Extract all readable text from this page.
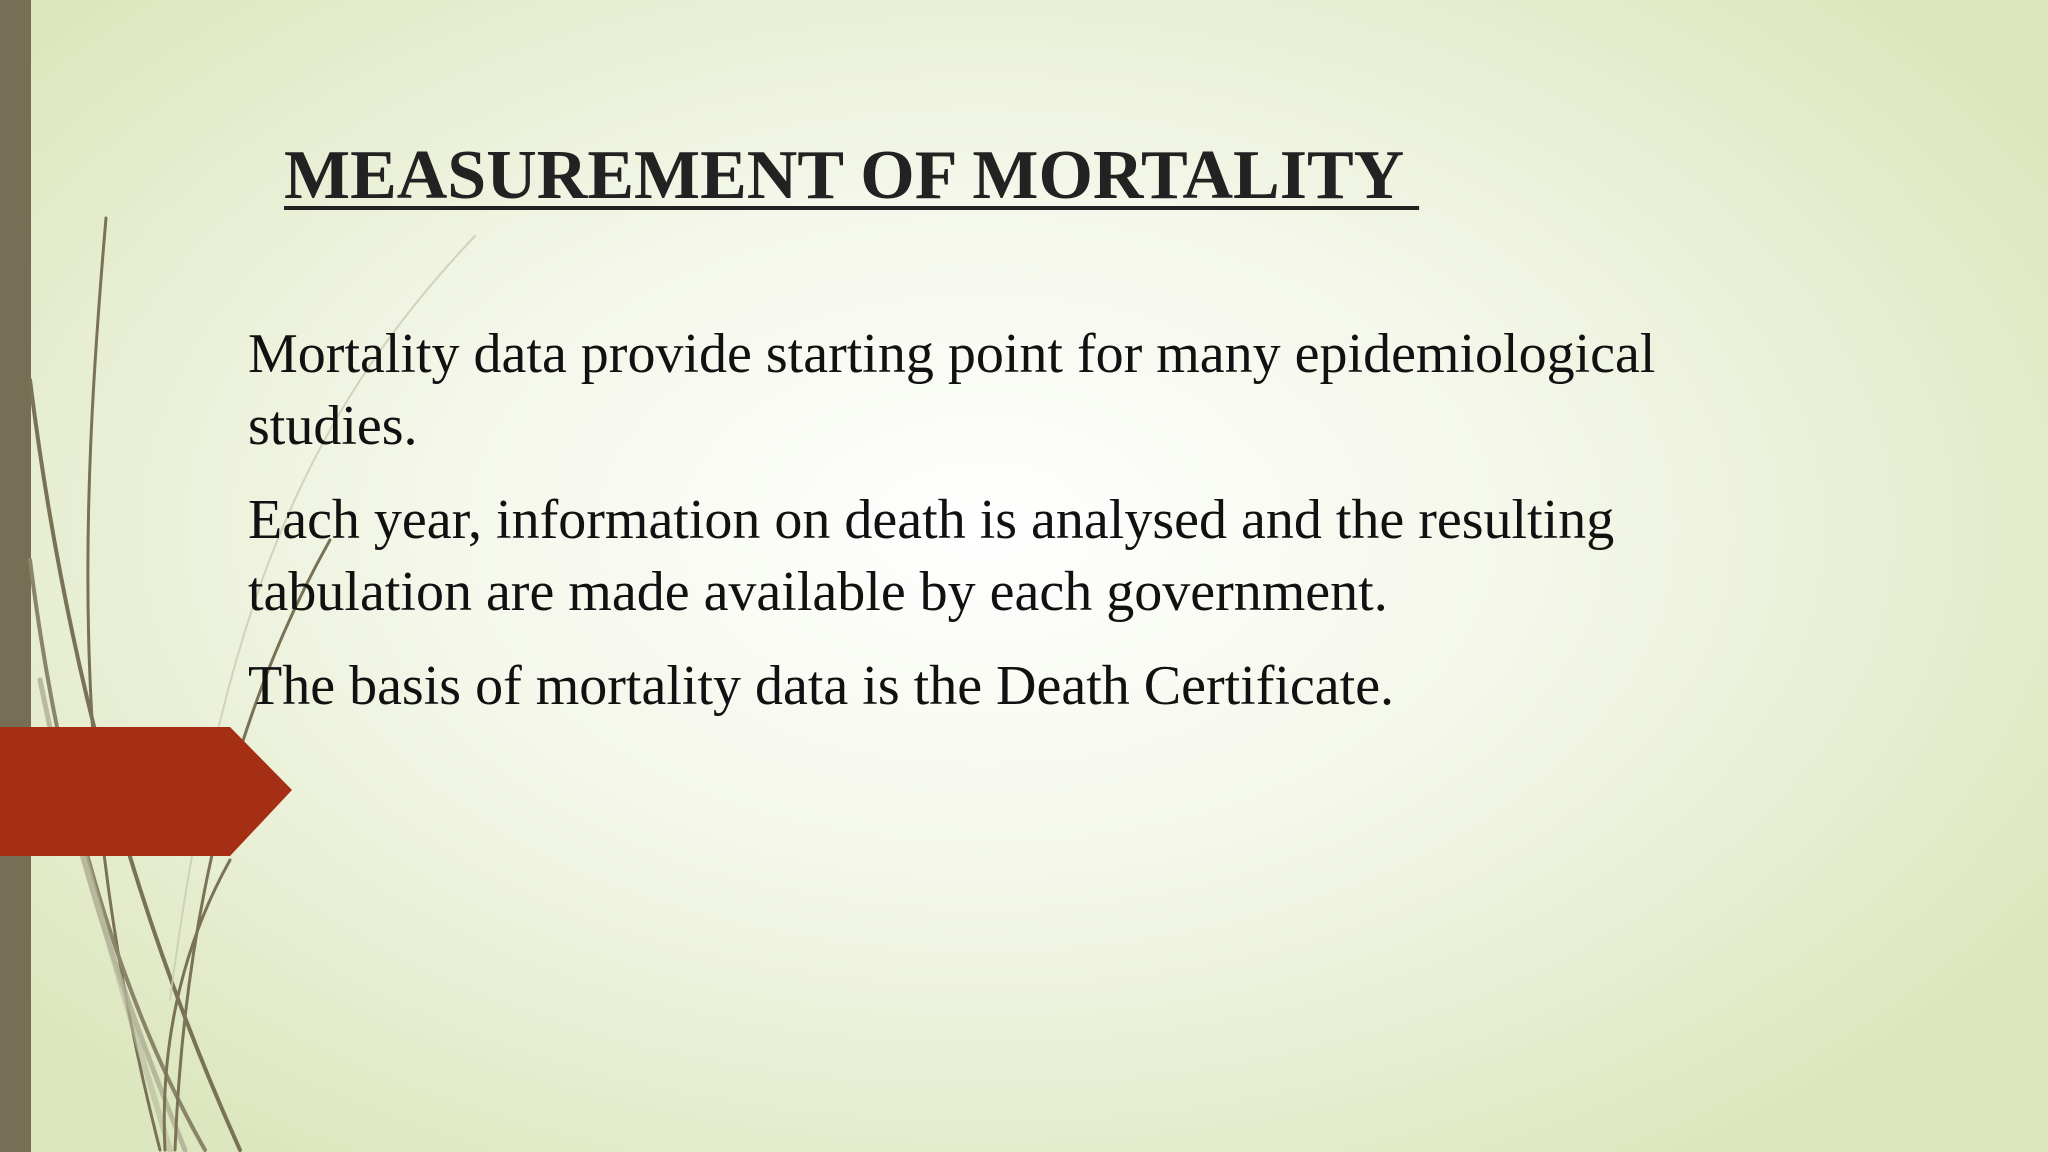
MEASUREMENT OF MORTALITY
Mortality data provide starting point for many epidemiological studies.
Each year, information on death is analysed and the resulting tabulation are made available by each government.
The basis of mortality data is the Death Certificate.
